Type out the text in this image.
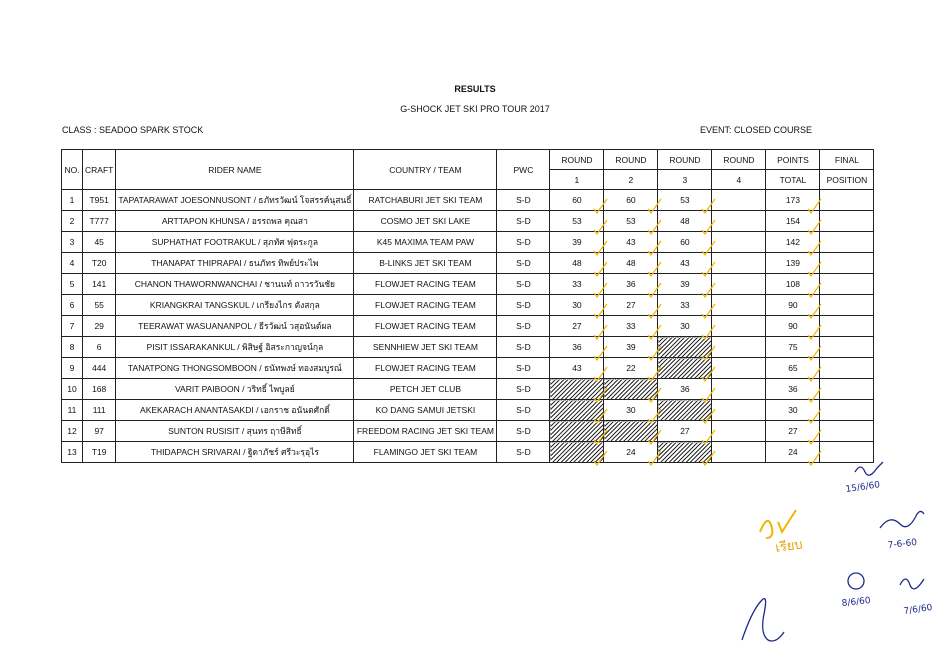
RESULTS
G-SHOCK JET SKI PRO TOUR 2017
CLASS : SEADOO SPARK STOCK	EVENT: CLOSED COURSE
NO.	CRAFT	RIDER NAME	COUNTRY / TEAM	PWC	ROUND	ROUND	ROUND	ROUND	POINTS	FINAL
					1	2	3	4	TOTAL	POSITION
1	T951	TAPATARAWAT JOESONNUSONT / ธภัทรวัฒน์ โจสรรค์นุสนธิ์	RATCHABURI JET SKI TEAM	S-D	60	60	53		173	
2	T777	ARTTAPON KHUNSA / อรรถพล คุณสา	COSMO JET SKI LAKE	S-D	53	53	48		154	
3	45	SUPHATHAT FOOTRAKUL / สุภทัศ ฟุตระกูล	K45 MAXIMA TEAM PAW	S-D	39	43	60		142	
4	T20	THANAPAT THIPRAPAI / ธนภัทร ทิพย์ประไพ	B-LINKS JET SKI TEAM	S-D	48	48	43		139	
5	141	CHANON THAWORNWANCHAI / ชานนท์ ถาวรวันชัย	FLOWJET RACING TEAM	S-D	33	36	39		108	
6	55	KRIANGKRAI TANGSKUL / เกรียงไกร ตังสกุล	FLOWJET RACING TEAM	S-D	30	27	33		90	
7	29	TEERAWAT WASUANANPOL / ธีรวัฒน์ วสุอนันต์ผล	FLOWJET RACING TEAM	S-D	27	33	30		90	
8	6	PISIT ISSARAKANKUL / พิสิษฐ์ อิสระกาญจน์กุล	SENNHIEW JET SKI TEAM	S-D	36	39			75	
9	444	TANATPONG THONGSOMBOON / ธนัทพงษ์ ทองสมบูรณ์	FLOWJET RACING TEAM	S-D	43	22			65	
10	168	VARIT PAIBOON / วริทธิ์ ไพบูลย์	PETCH JET CLUB	S-D			36		36	
11	111	AKEKARACH ANANTASAKDI / เอกราช อนันตศักดิ์	KO DANG SAMUI JETSKI	S-D		30			30	
12	97	SUNTON RUSISIT / สุนทร ฤาษีสิทธิ์	FREEDOM RACING JET SKI TEAM	S-D			27		27	
13	T19	THIDAPACH SRIVARAI / ฐิดาภัชร์ ศรีวะรฺอุไร	FLAMINGO JET SKI TEAM	S-D		24			24	
15/6/60
เรียบ	7-6-60
8/6/60
7/6/60
